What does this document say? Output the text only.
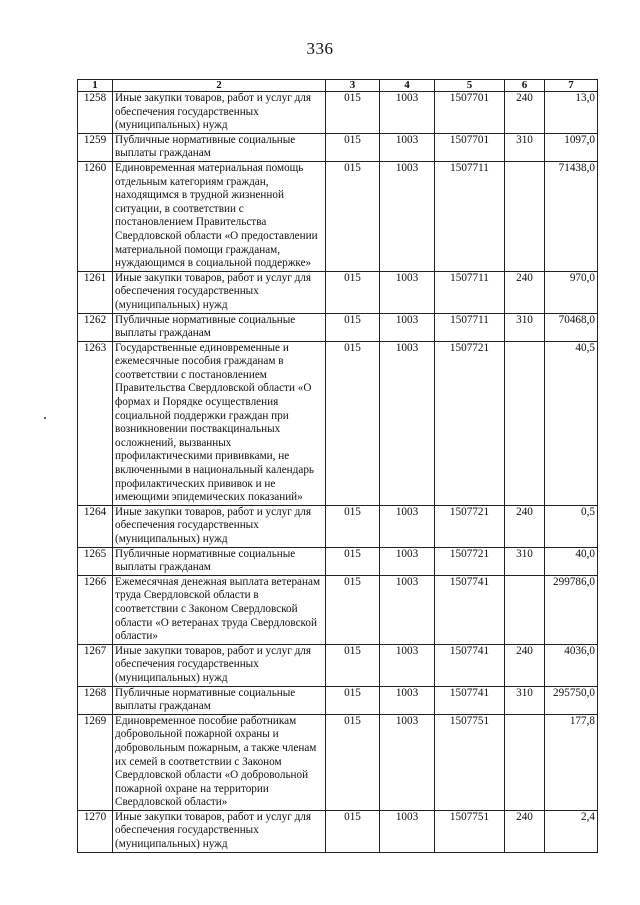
336
1	2	3	4	5	6	7
1258	Иные закупки товаров, работ и услуг для обеспечения государственных (муниципальных) нужд	015	1003	1507701	240	13,0
1259	Публичные нормативные социальные выплаты гражданам	015	1003	1507701	310	1097,0
1260	Единовременная материальная помощь отдельным категориям граждан, находящимся в трудной жизненной ситуации, в соответствии с постановлением Правительства Свердловской области «О предоставлении материальной помощи гражданам, нуждающимся в социальной поддержке»	015	1003	1507711		71438,0
1261	Иные закупки товаров, работ и услуг для обеспечения государственных (муниципальных) нужд	015	1003	1507711	240	970,0
1262	Публичные нормативные социальные выплаты гражданам	015	1003	1507711	310	70468,0
1263	Государственные единовременные и ежемесячные пособия гражданам в соответствии с постановлением Правительства Свердловской области «О формах и Порядке осуществления социальной поддержки граждан при возникновении поствакцинальных осложнений, вызванных профилактическими прививками, не включенными в национальный календарь профилактических прививок и не имеющими эпидемических показаний»	015	1003	1507721		40,5
1264	Иные закупки товаров, работ и услуг для обеспечения государственных (муниципальных) нужд	015	1003	1507721	240	0,5
1265	Публичные нормативные социальные выплаты гражданам	015	1003	1507721	310	40,0
1266	Ежемесячная денежная выплата ветеранам труда Свердловской области в соответствии с Законом Свердловской области «О ветеранах труда Свердловской области»	015	1003	1507741		299786,0
1267	Иные закупки товаров, работ и услуг для обеспечения государственных (муниципальных) нужд	015	1003	1507741	240	4036,0
1268	Публичные нормативные социальные выплаты гражданам	015	1003	1507741	310	295750,0
1269	Единовременное пособие работникам добровольной пожарной охраны и добровольным пожарным, а также членам их семей в соответствии с Законом Свердловской области «О добровольной пожарной охране на территории Свердловской области»	015	1003	1507751		177,8
1270	Иные закупки товаров, работ и услуг для обеспечения государственных (муниципальных) нужд	015	1003	1507751	240	2,4
